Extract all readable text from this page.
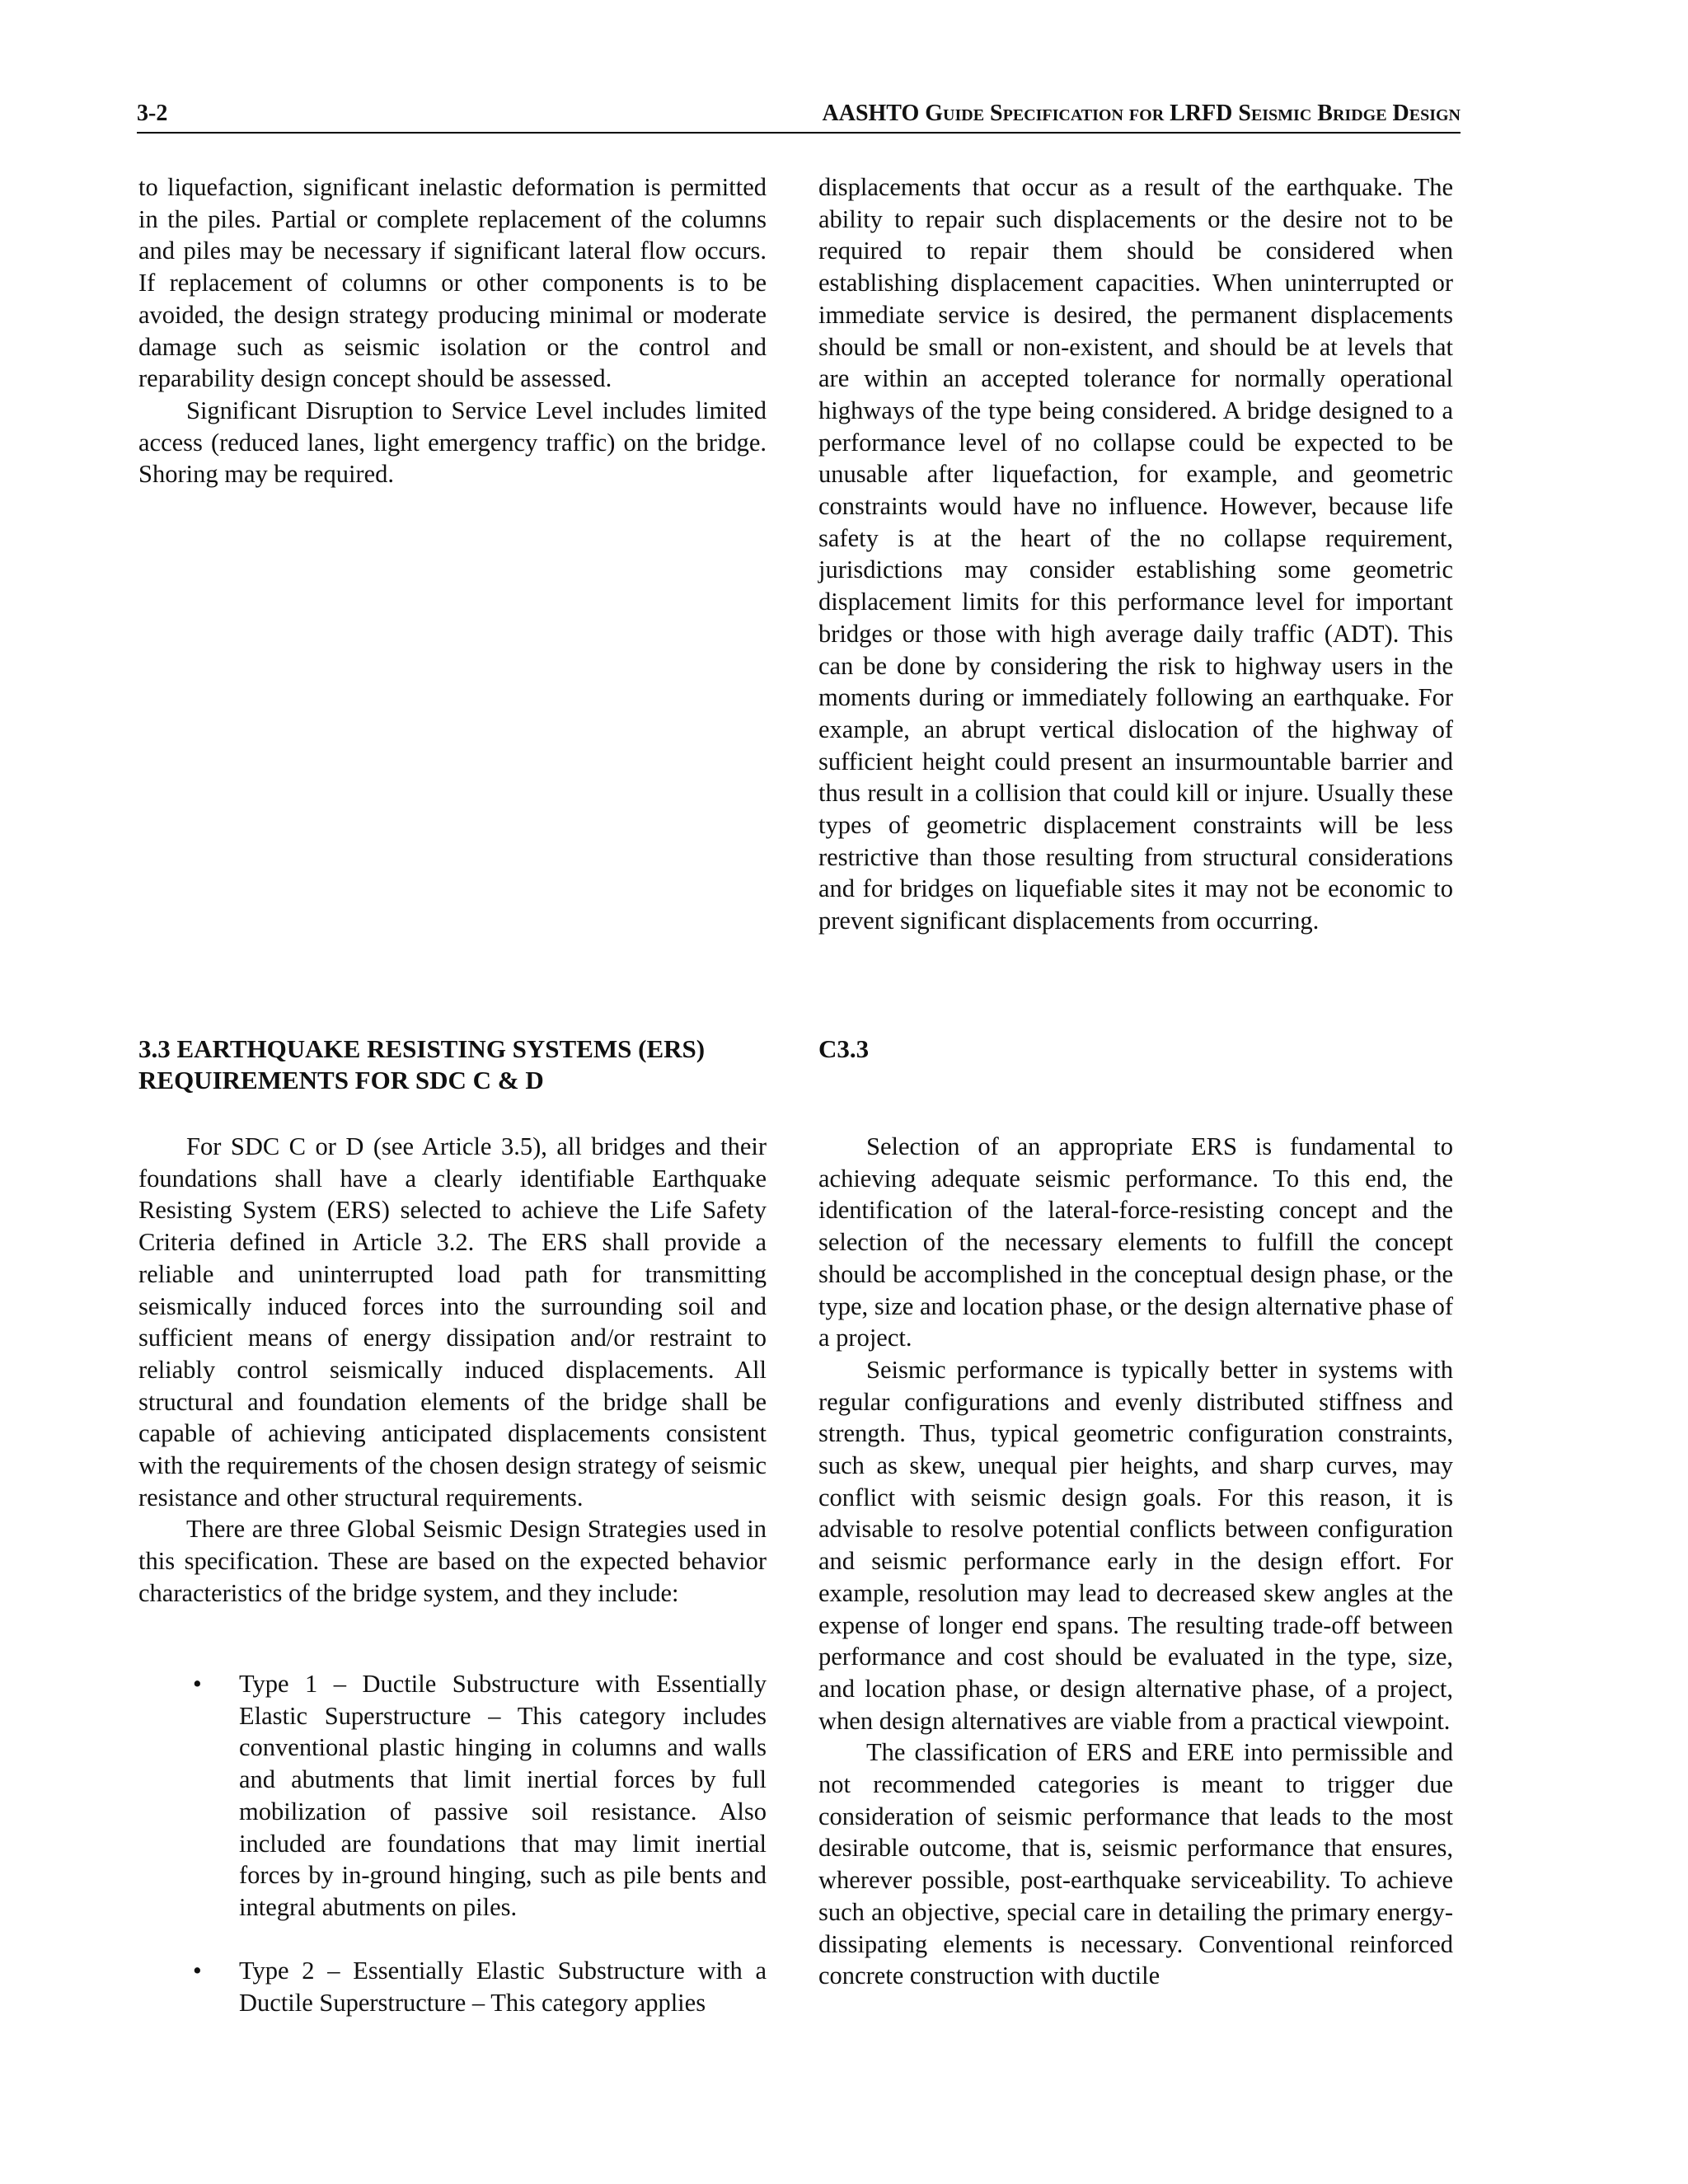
3-2	AASHTO Guide Specification for LRFD Seismic Bridge Design

to liquefaction, significant inelastic deformation is permitted in the piles. Partial or complete replacement of the columns and piles may be necessary if significant lateral flow occurs. If replacement of columns or other components is to be avoided, the design strategy producing minimal or moderate damage such as seismic isolation or the control and reparability design concept should be assessed.

Significant Disruption to Service Level includes limited access (reduced lanes, light emergency traffic) on the bridge. Shoring may be required.

displacements that occur as a result of the earthquake. The ability to repair such displacements or the desire not to be required to repair them should be considered when establishing displacement capacities. When uninterrupted or immediate service is desired, the permanent displacements should be small or non-existent, and should be at levels that are within an accepted tolerance for normally operational highways of the type being considered. A bridge designed to a performance level of no collapse could be expected to be unusable after liquefaction, for example, and geometric constraints would have no influence. However, because life safety is at the heart of the no collapse requirement, jurisdictions may consider establishing some geometric displacement limits for this performance level for important bridges or those with high average daily traffic (ADT). This can be done by considering the risk to highway users in the moments during or immediately following an earthquake. For example, an abrupt vertical dislocation of the highway of sufficient height could present an insurmountable barrier and thus result in a collision that could kill or injure. Usually these types of geometric displacement constraints will be less restrictive than those resulting from structural considerations and for bridges on liquefiable sites it may not be economic to prevent significant displacements from occurring.

3.3 EARTHQUAKE RESISTING SYSTEMS (ERS)
REQUIREMENTS FOR SDC C & D
C3.3

For SDC C or D (see Article 3.5), all bridges and their foundations shall have a clearly identifiable Earthquake Resisting System (ERS) selected to achieve the Life Safety Criteria defined in Article 3.2. The ERS shall provide a reliable and uninterrupted load path for transmitting seismically induced forces into the surrounding soil and sufficient means of energy dissipation and/or restraint to reliably control seismically induced displacements. All structural and foundation elements of the bridge shall be capable of achieving anticipated displacements consistent with the requirements of the chosen design strategy of seismic resistance and other structural requirements.

There are three Global Seismic Design Strategies used in this specification. These are based on the expected behavior characteristics of the bridge system, and they include:

• Type 1 – Ductile Substructure with Essentially Elastic Superstructure – This category includes conventional plastic hinging in columns and walls and abutments that limit inertial forces by full mobilization of passive soil resistance. Also included are foundations that may limit inertial forces by in-ground hinging, such as pile bents and integral abutments on piles.
• Type 2 – Essentially Elastic Substructure with a Ductile Superstructure – This category applies

Selection of an appropriate ERS is fundamental to achieving adequate seismic performance. To this end, the identification of the lateral-force-resisting concept and the selection of the necessary elements to fulfill the concept should be accomplished in the conceptual design phase, or the type, size and location phase, or the design alternative phase of a project.

Seismic performance is typically better in systems with regular configurations and evenly distributed stiffness and strength. Thus, typical geometric configuration constraints, such as skew, unequal pier heights, and sharp curves, may conflict with seismic design goals. For this reason, it is advisable to resolve potential conflicts between configuration and seismic performance early in the design effort. For example, resolution may lead to decreased skew angles at the expense of longer end spans. The resulting trade-off between performance and cost should be evaluated in the type, size, and location phase, or design alternative phase, of a project, when design alternatives are viable from a practical viewpoint.

The classification of ERS and ERE into permissible and not recommended categories is meant to trigger due consideration of seismic performance that leads to the most desirable outcome, that is, seismic performance that ensures, wherever possible, post-earthquake serviceability. To achieve such an objective, special care in detailing the primary energy-dissipating elements is necessary. Conventional reinforced concrete construction with ductile
